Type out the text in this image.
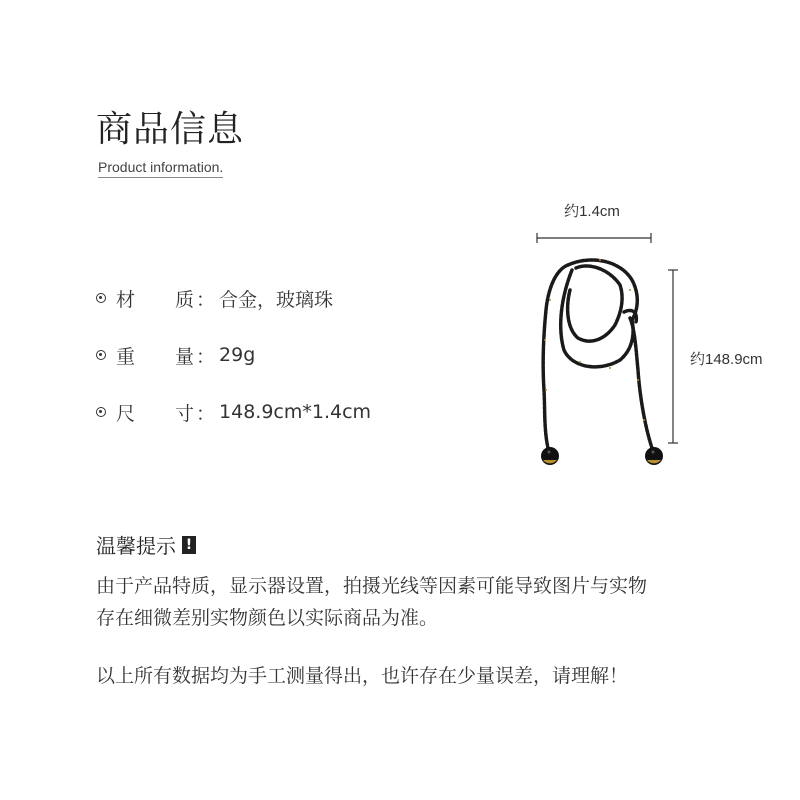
商品信息
Product information.
材 质 ： 合金，玻璃珠
重 量 ： 29g
尺 寸 ： 148.9cm*1.4cm
约1.4cm
约148.9cm
温馨提示 !

由于产品特质，显示器设置，拍摄光线等因素可能导致图片与实物
存在细微差别实物颜色以实际商品为准。

以上所有数据均为手工测量得出，也许存在少量误差，请理解！
